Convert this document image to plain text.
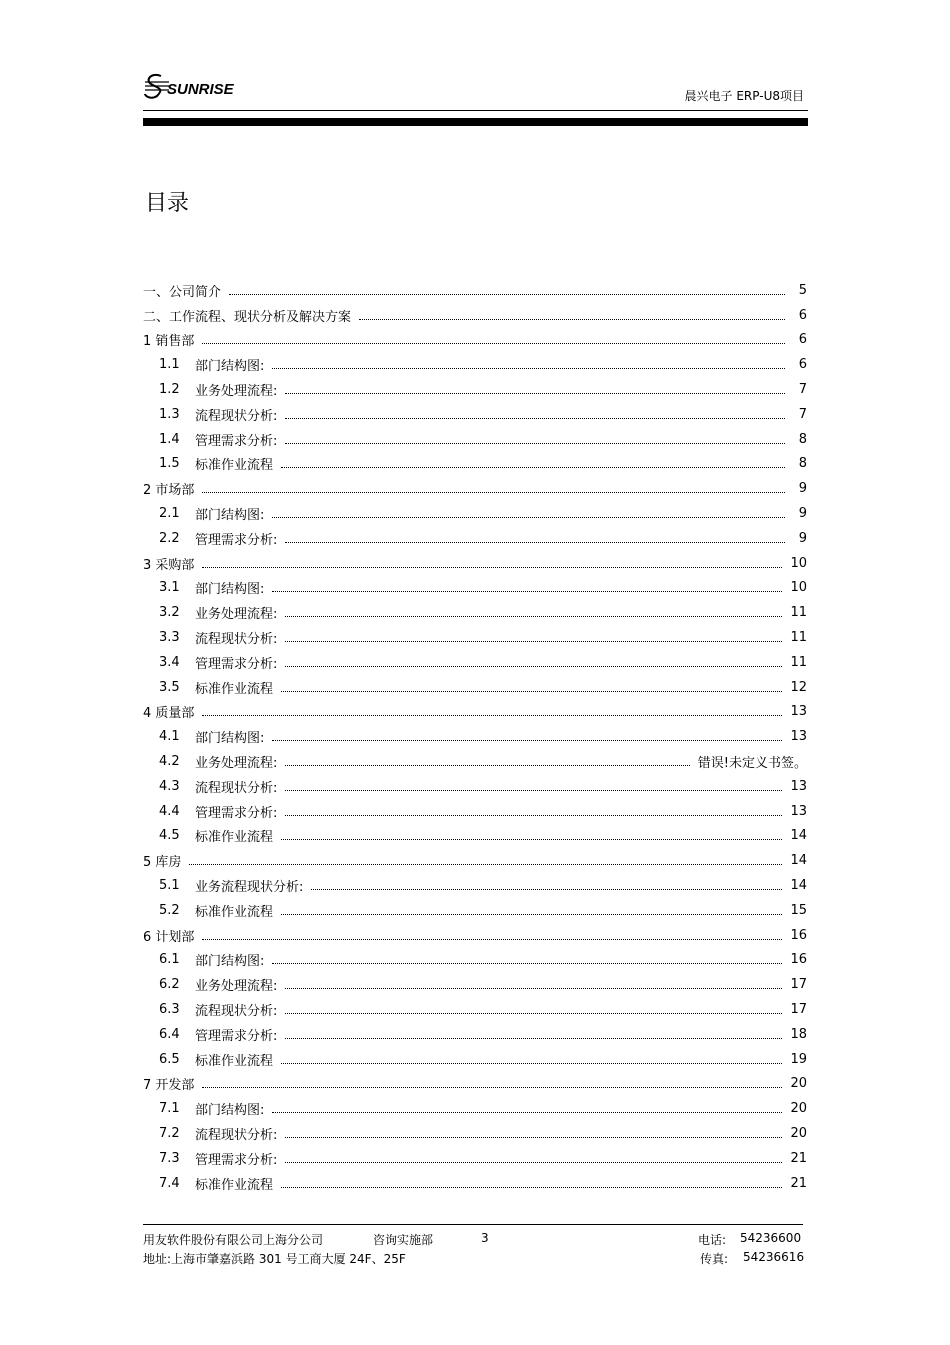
SUNRISE	晨兴电子 ERP-U8项目
目录
一、公司简介	5
二、工作流程、现状分析及解决方案	6
1 销售部	6
1.1	部门结构图:	6
1.2	业务处理流程:	7
1.3	流程现状分析:	7
1.4	管理需求分析:	8
1.5	标准作业流程	8
2 市场部	9
2.1	部门结构图:	9
2.2	管理需求分析:	9
3 采购部	10
3.1	部门结构图:	10
3.2	业务处理流程:	11
3.3	流程现状分析:	11
3.4	管理需求分析:	11
3.5	标准作业流程	12
4 质量部	13
4.1	部门结构图:	13
4.2	业务处理流程:	错误!未定义书签。
4.3	流程现状分析:	13
4.4	管理需求分析:	13
4.5	标准作业流程	14
5 库房	14
5.1	业务流程现状分析:	14
5.2	标准作业流程	15
6 计划部	16
6.1	部门结构图:	16
6.2	业务处理流程:	17
6.3	流程现状分析:	17
6.4	管理需求分析:	18
6.5	标准作业流程	19
7 开发部	20
7.1	部门结构图:	20
7.2	流程现状分析:	20
7.3	管理需求分析:	21
7.4	标准作业流程	21
用友软件股份有限公司上海分公司	咨询实施部	3	电话: 54236600
地址:上海市肇嘉浜路 301 号工商大厦 24F、25F	传真: 54236616
